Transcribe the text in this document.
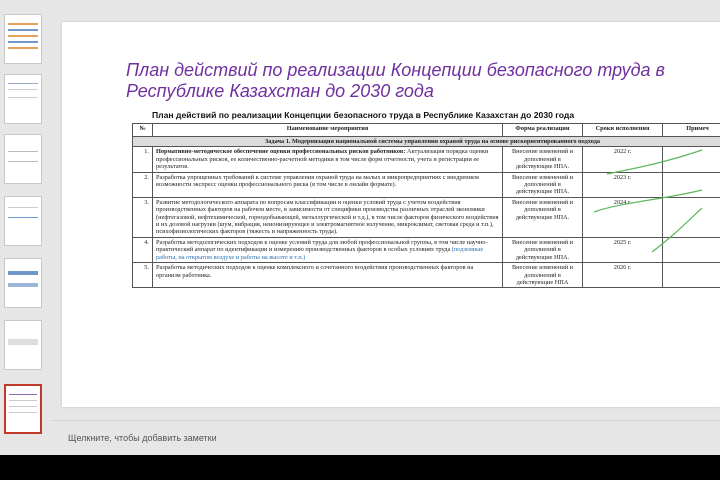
План действий по реализации Концепции безопасного труда в Республике Казахстан до 2030 года
План действий по реализации Концепции безопасного труда в Республике Казахстан до 2030 года
№	Наименование мероприятия	Форма реализации	Сроки исполнения	Примеч
Задача 1. Модернизация национальной системы управления охраной труда на основе рискориентированного подхода				
1.	Нормативно-методическое обеспечение оценки профессиональных рисков работников: Актуализация порядка оценки профессиональных рисков, ее количественно-расчетной методики в том числе форм отчетности, учета и регистрации ее результатов.	Внесение изменений и дополнений в действующие НПА.	2022 г.	
2.	Разработка упрощенных требований к системе управления охраной труда на малых и микропредприятиях с внедрением возможности экспресс оценки профессионального риска (в том числе в онлайн формате).	Внесение изменений и дополнений в действующие НПА.	2023 г.	
3.	Развитие методологического аппарата по вопросам классификации и оценки условий труда с учетом воздействия производственных факторов на рабочем месте, в зависимости от специфики производства различных отраслей экономики (нефтегазовой, нефтехимической, горнодобывающей, металлургической и т.д.), в том числе факторов физического воздействия и их дозовой нагрузки (шум, вибрация, неионизирующее и электромагнитное излучение, микроклимат, световая среда и т.п.), психофизиологических факторов (тяжесть и напряженность труда).	Внесение изменений и дополнений в действующие НПА.	2024 г.	
4.	Разработка методологических подходов к оценке условий труда для любой профессиональной группы, в том числе научно-практический аппарат по идентификации и измерению производственных факторов в особых условиях труда (подземные работы, на открытом воздухе и работы на высоте и т.п.)	Внесение изменений и дополнений в действующие НПА.	2025 г.	
5.	Разработка методических подходов к оценке комплексного и сочетанного воздействия производственных факторов на организм работника.	Внесение изменений и дополнений в действующие НПА	2026 г.	
Щелкните, чтобы добавить заметки
